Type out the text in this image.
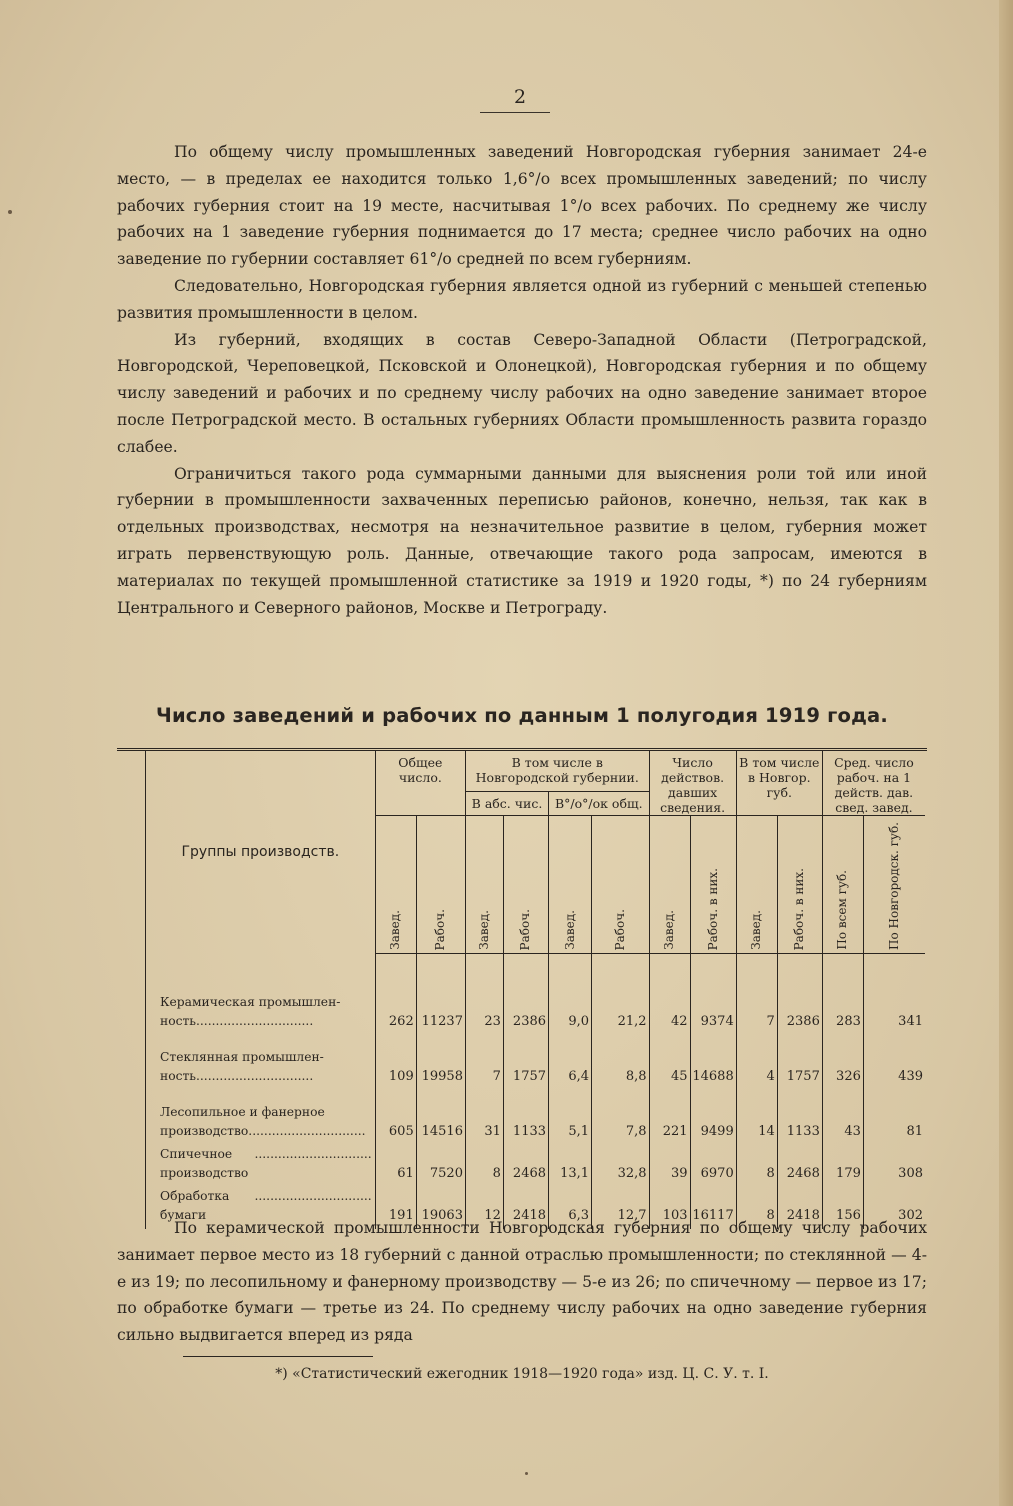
2

По общему числу промышленных заведений Новгородская губерния занимает 24-е место, — в пределах ее находится только 1,6°/о всех промышленных заведений; по числу рабочих губерния стоит на 19 месте, насчитывая 1°/о всех рабочих. По среднему же числу рабочих на 1 заведение губерния поднимается до 17 места; среднее число рабочих на одно заведение по губернии составляет 61°/о средней по всем губерниям.

Следовательно, Новгородская губерния является одной из губерний с меньшей степенью развития промышленности в целом.

Из губерний, входящих в состав Северо-Западной Области (Петроградской, Новгородской, Череповецкой, Псковской и Олонецкой), Новгородская губерния и по общему числу заведений и рабочих и по среднему числу рабочих на одно заведение занимает второе после Петроградской место. В остальных губерниях Области промышленность развита гораздо слабее.

Ограничиться такого рода суммарными данными для выяснения роли той или иной губернии в промышленности захваченных переписью районов, конечно, нельзя, так как в отдельных производствах, несмотря на незначительное развитие в целом, губерния может играть первенствующую роль. Данные, отвечающие такого рода запросам, имеются в материалах по текущей промышленной статистике за 1919 и 1920 годы, *) по 24 губерниям Центрального и Северного районов, Москве и Петрограду.

Число заведений и рабочих по данным 1 полугодия 1919 года.
Группы производств.	Общее число.		В том числе в Новгородской губернии.				Число действов. давших сведения.		В том числе в Новгор. губ.		Сред. число рабоч. на 1 действ. дав. свед. завед.	
			В абс. чис.		В°/о°/ок общ.							
	Завед.	Рабоч.	Завед.	Рабоч.	Завед.	Рабоч.	Завед.	Рабоч. в них.	Завед.	Рабоч. в них.	По всем губ.	По Новгородск. губ.

Керамическая промышлен-
ность ..............................	262	11237	23	2386	9,0	21,2	42	9374	7	2386	283	341

Стеклянная промышлен-
ность ..............................	109	19958	7	1757	6,4	8,8	45	14688	4	1757	326	439

Лесопильное и фанерное
производство ..............................	605	14516	31	1133	5,1	7,8	221	9499	14	1133	43	81

Спичечное производство
..............................	61	7520	8	2468	13,1	32,8	39	6970	8	2468	179	308

Обработка бумаги
..............................	191	19063	12	2418	6,3	12,7	103	16117	8	2418	156	302

По керамической промышленности Новгородская губерния по общему числу рабочих занимает первое место из 18 губерний с данной отраслью промышленности; по стеклянной — 4-е из 19; по лесопильному и фанерному производству — 5-е из 26; по спичечному — первое из 17; по обработке бумаги — третье из 24. По среднему числу рабочих на одно заведение губерния сильно выдвигается вперед из ряда

*) «Статистический ежегодник 1918—1920 года» изд. Ц. С. У. т. I.
